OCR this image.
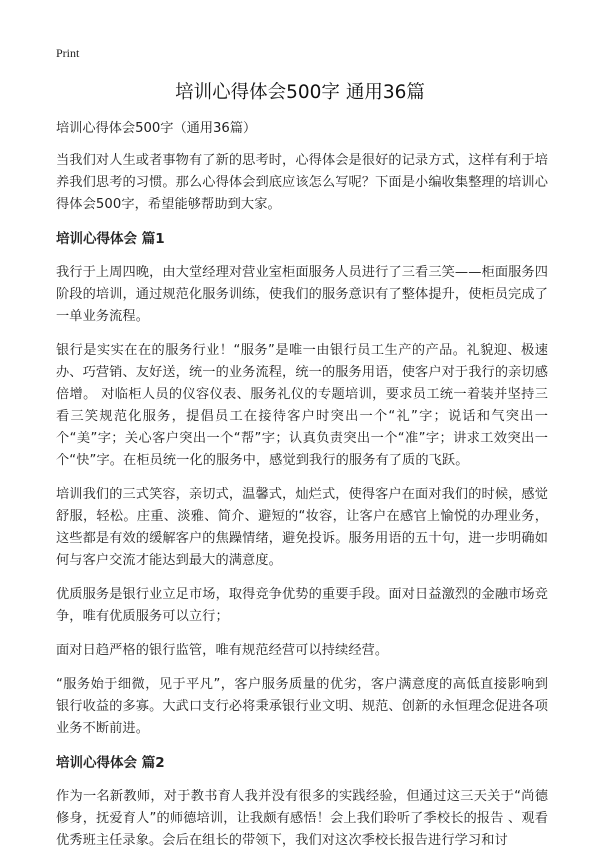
Print
培训心得体会500字 通用36篇

培训心得体会500字（通用36篇）

当我们对人生或者事物有了新的思考时，心得体会是很好的记录方式，这样有利于培养我们思考的习惯。那么心得体会到底应该怎么写呢？下面是小编收集整理的培训心得体会500字，希望能够帮助到大家。

培训心得体会 篇1

我行于上周四晚，由大堂经理对营业室柜面服务人员进行了三看三笑——柜面服务四阶段的培训，通过规范化服务训练，使我们的服务意识有了整体提升，使柜员完成了一单业务流程。

银行是实实在在的服务行业！“服务”是唯一由银行员工生产的产品。礼貌迎、极速办、巧营销、友好送，统一的业务流程，统一的服务用语，使客户对于我行的亲切感倍增。 对临柜人员的仪容仪表、服务礼仪的专题培训，要求员工统一着装并坚持三看三笑规范化服务，提倡员工在接待客户时突出一个“礼”字；说话和气突出一个“美”字；关心客户突出一个“帮”字；认真负责突出一个“准”字；讲求工效突出一个“快”字。在柜员统一化的服务中，感觉到我行的服务有了质的飞跃。

培训我们的三式笑容，亲切式，温馨式，灿烂式，使得客户在面对我们的时候，感觉舒服，轻松。庄重、淡雅、简介、避短的“妆容，让客户在感官上愉悦的办理业务，这些都是有效的缓解客户的焦躁情绪，避免投诉。服务用语的五十句，进一步明确如何与客户交流才能达到最大的满意度。

优质服务是银行业立足市场，取得竞争优势的重要手段。面对日益激烈的金融市场竞争，唯有优质服务可以立行；

面对日趋严格的银行监管，唯有规范经营可以持续经营。

“服务始于细微，见于平凡”，客户服务质量的优劣，客户满意度的高低直接影响到银行收益的多寡。大武口支行必将秉承银行业文明、规范、创新的永恒理念促进各项业务不断前进。

培训心得体会 篇2

作为一名新教师，对于教书育人我并没有很多的实践经验，但通过这三天关于“尚德修身，抚爱育人”的师德培训，让我颇有感悟！会上我们聆听了季校长的报告 、观看优秀班主任录象。会后在组长的带领下，我们对这次季校长报告进行学习和讨
